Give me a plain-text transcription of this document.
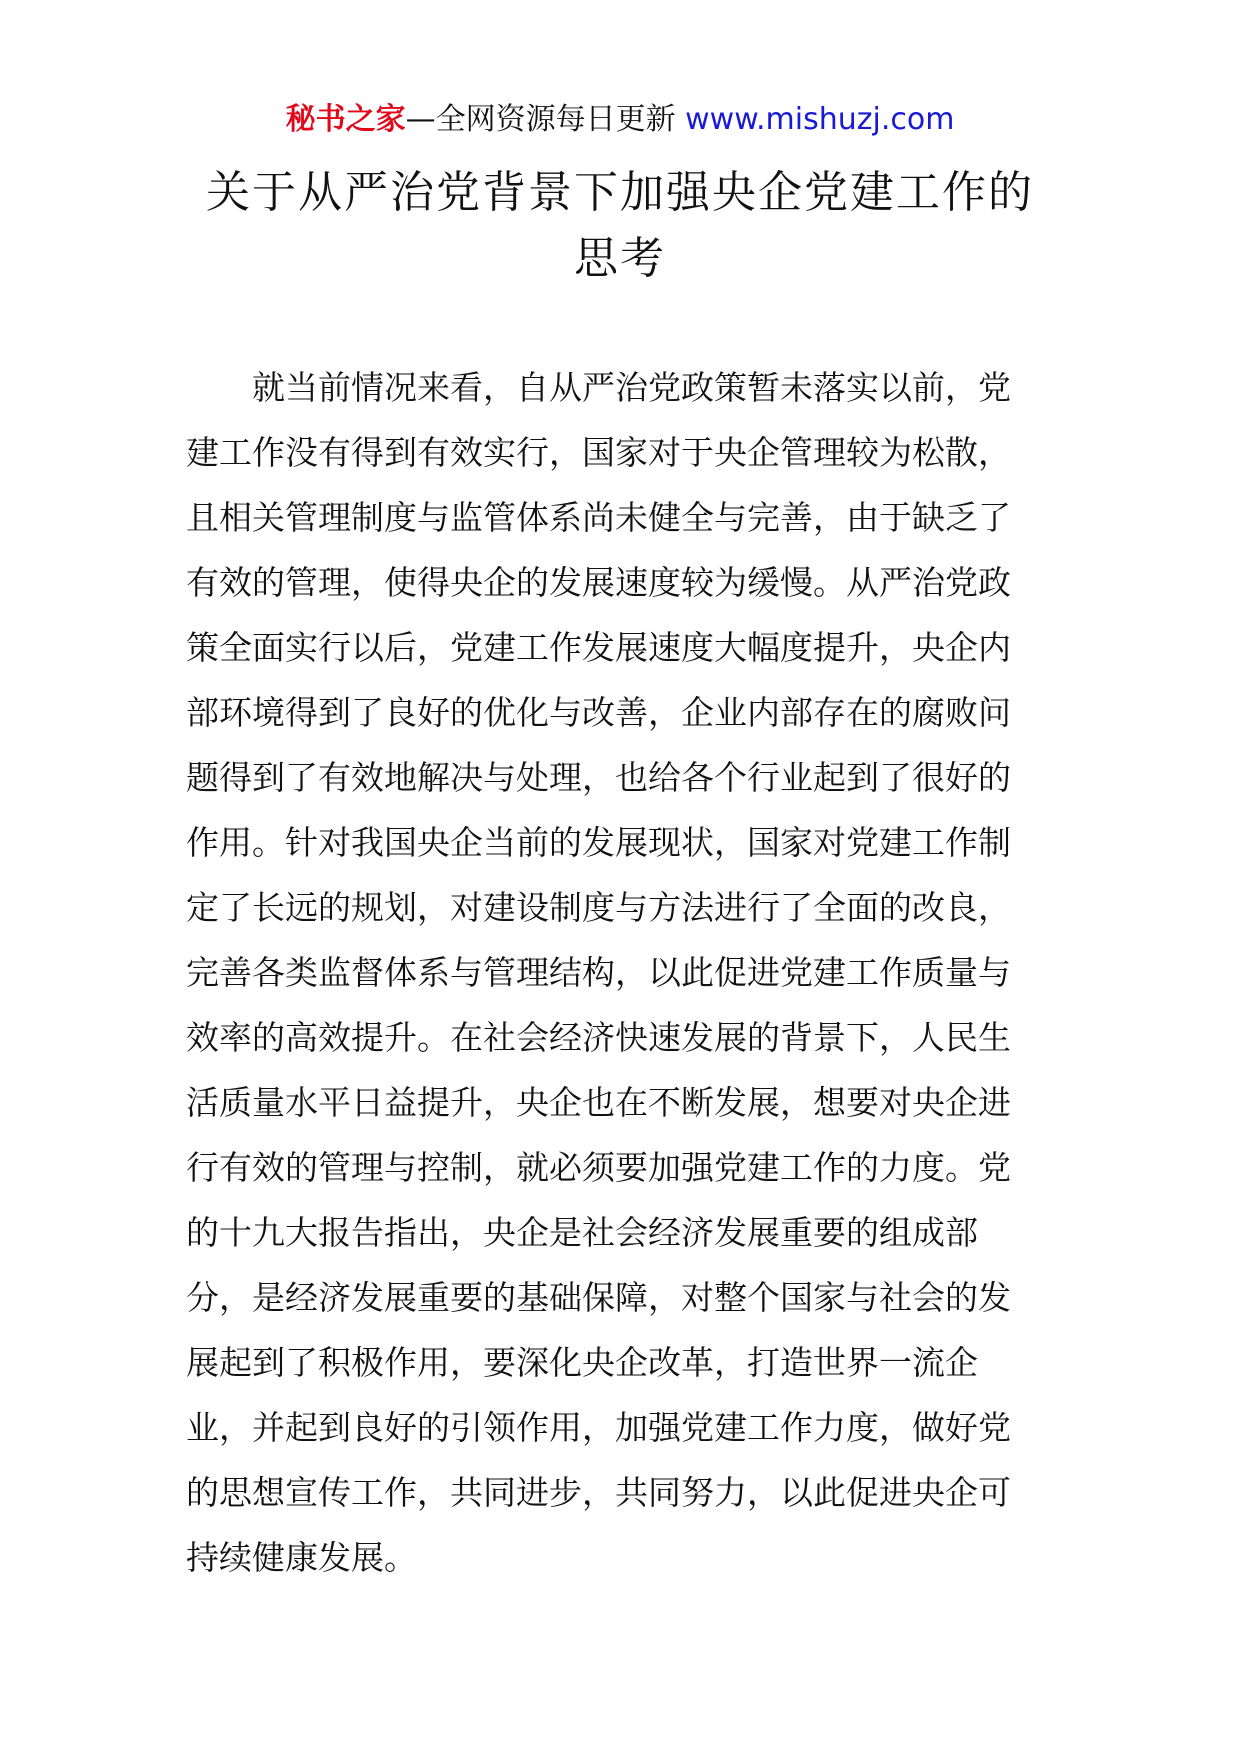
秘书之家—全网资源每日更新 www.mishuzj.com
关于从严治党背景下加强央企党建工作的
思考
就当前情况来看，自从严治党政策暂未落实以前，党
建工作没有得到有效实行，国家对于央企管理较为松散，
且相关管理制度与监管体系尚未健全与完善，由于缺乏了
有效的管理，使得央企的发展速度较为缓慢。从严治党政
策全面实行以后，党建工作发展速度大幅度提升，央企内
部环境得到了良好的优化与改善，企业内部存在的腐败问
题得到了有效地解决与处理，也给各个行业起到了很好的
作用。针对我国央企当前的发展现状，国家对党建工作制
定了长远的规划，对建设制度与方法进行了全面的改良，
完善各类监督体系与管理结构，以此促进党建工作质量与
效率的高效提升。在社会经济快速发展的背景下，人民生
活质量水平日益提升，央企也在不断发展，想要对央企进
行有效的管理与控制，就必须要加强党建工作的力度。党
的十九大报告指出，央企是社会经济发展重要的组成部
分，是经济发展重要的基础保障，对整个国家与社会的发
展起到了积极作用，要深化央企改革，打造世界一流企
业，并起到良好的引领作用，加强党建工作力度，做好党
的思想宣传工作，共同进步，共同努力，以此促进央企可
持续健康发展。
